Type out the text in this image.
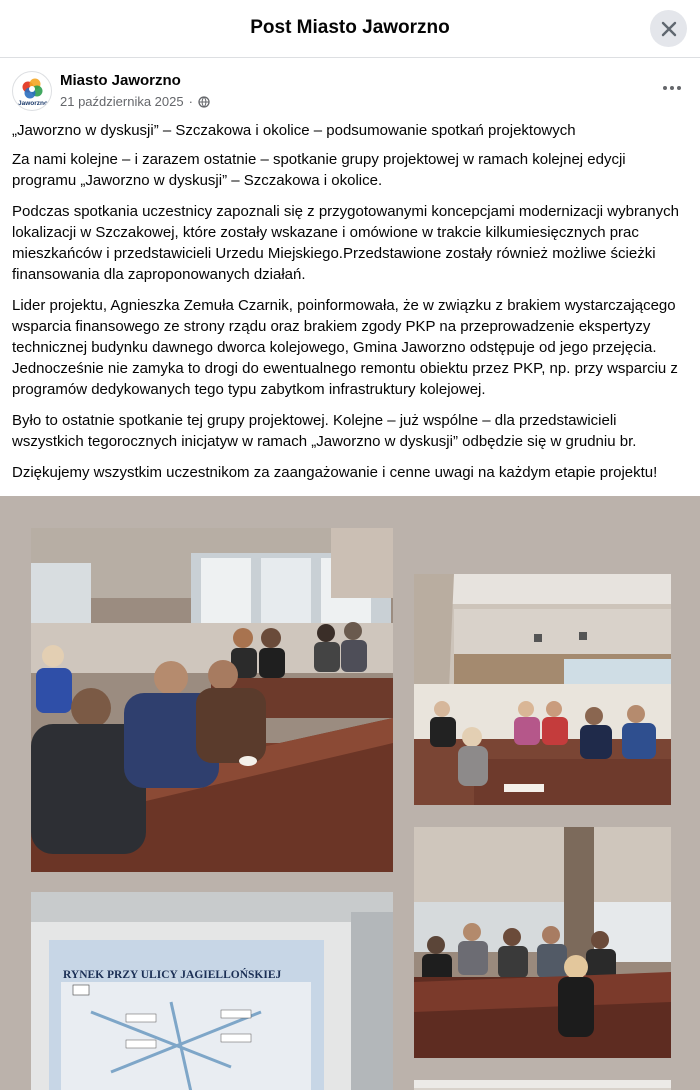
Post Miasto Jaworzno
Jaworzno
Miasto Jaworzno
21 października 2025 ·

„Jaworzno w dyskusji” – Szczakowa i okolice – podsumowanie spotkań projektowych

Za nami kolejne – i zarazem ostatnie – spotkanie grupy projektowej w ramach kolejnej edycji programu „Jaworzno w dyskusji” – Szczakowa i okolice.

Podczas spotkania uczestnicy zapoznali się z przygotowanymi koncepcjami modernizacji wybranych lokalizacji w Szczakowej, które zostały wskazane i omówione w trakcie kilkumiesięcznych prac mieszkańców i przedstawicieli Urzedu Miejskiego.Przedstawione zostały również możliwe ścieżki finansowania dla zaproponowanych działań.

Lider projektu, Agnieszka Zemuła Czarnik, poinformowała, że w związku z brakiem wystarczającego wsparcia finansowego ze strony rządu oraz brakiem zgody PKP na przeprowadzenie ekspertyzy technicznej budynku dawnego dworca kolejowego, Gmina Jaworzno odstępuje od jego przejęcia. Jednocześnie nie zamyka to drogi do ewentualnego remontu obiektu przez PKP, np. przy wsparciu z programów dedykowanych tego typu zabytkom infrastruktury kolejowej.

Było to ostatnie spotkanie tej grupy projektowej. Kolejne – już wspólne – dla przedstawicieli wszystkich tegorocznych inicjatyw w ramach „Jaworzno w dyskusji” odbędzie się w grudniu br.

Dziękujemy wszystkim uczestnikom za zaangażowanie i cenne uwagi na każdym etapie projektu!

RYNEK PRZY ULICY JAGIELLOŃSKIEJ
